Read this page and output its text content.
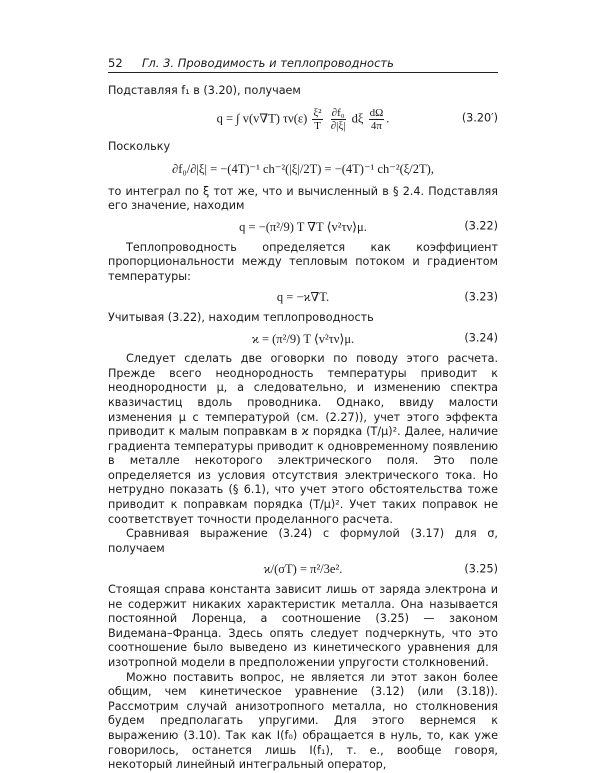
52	Гл. 3. Проводимость и теплопроводность

Подставляя f₁ в (3.20), получаем

q = ∫ v(v∇T) $\tau\nu(\varepsilon) \frac{\text{ξ²}}{T}$
$\frac{\text{∂f₀}}{\partial|\xi|}$ dξ $\frac{d\Omega}{4\pi}$ .	(3.20′)

Поскольку

∂f₀/∂|ξ| = −(4T)⁻¹ ch⁻²(|ξ|/2T) = −(4T)⁻¹ ch⁻²(ξ/2T),

то интеграл по ξ тот же, что и вычисленный в § 2.4. Подставляя его значение, находим

q = −(π²/9) T ∇T ⟨v²τν⟩μ.	(3.22)

Теплопроводность определяется как коэффициент пропорциональности между тепловым потоком и градиентом температуры:

q = −ϰ∇T.	(3.23)

Учитывая (3.22), находим теплопроводность

ϰ = (π²/9) T ⟨v²τν⟩μ.	(3.24)

Следует сделать две оговорки по поводу этого расчета. Прежде всего неоднородность температуры приводит к неоднородности μ, а следовательно, и изменению спектра квазичастиц вдоль проводника. Однако, ввиду малости изменения μ с температурой (см. (2.27)), учет этого эффекта приводит к малым поправкам в ϰ порядка (T/μ)². Далее, наличие градиента температуры приводит к одновременному появлению в металле некоторого электрического поля. Это поле определяется из условия отсутствия электрического тока. Но нетрудно показать (§ 6.1), что учет этого обстоятельства тоже приводит к поправкам порядка (T/μ)². Учет таких поправок не соответствует точности проделанного расчета.

Сравнивая выражение (3.24) с формулой (3.17) для σ, получаем

ϰ/(σT) = π²/3e².	(3.25)

Стоящая справа константа зависит лишь от заряда электрона и не содержит никаких характеристик металла. Она называется постоянной Лоренца, а соотношение (3.25) — законом Видемана–Франца. Здесь опять следует подчеркнуть, что это соотношение было выведено из кинетического уравнения для изотропной модели в предположении упругости столкновений.

Можно поставить вопрос, не является ли этот закон более общим, чем кинетическое уравнение (3.12) (или (3.18)). Рассмотрим случай анизотропного металла, но столкновения будем предполагать упругими. Для этого вернемся к выражению (3.10). Так как I(f₀) обращается в нуль, то, как уже говорилось, останется лишь I(f₁), т. е., вообще говоря, некоторый линейный интегральный оператор,
